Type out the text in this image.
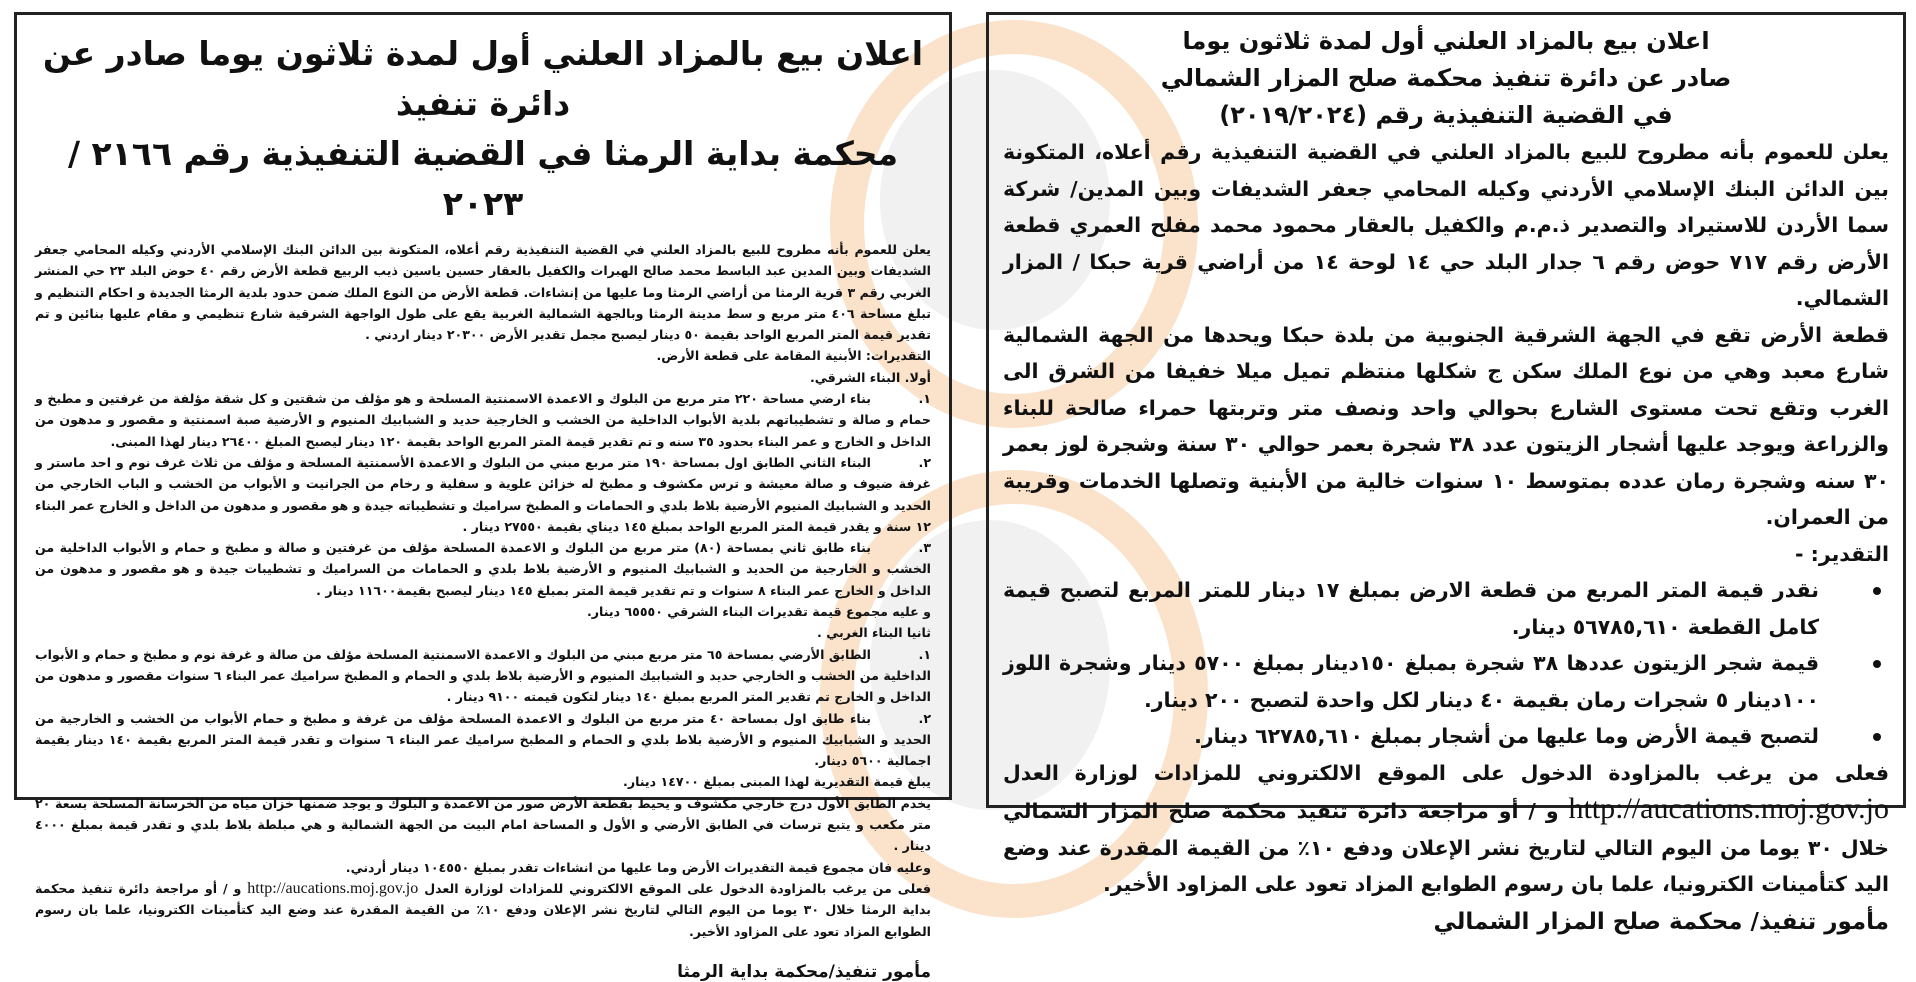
اعلان بيع بالمزاد العلني أول لمدة ثلاثون يوما صادر عن دائرة تنفيذ
محكمة بداية الرمثا في القضية التنفيذية رقم ٢١٦٦ / ٢٠٢٣

يعلن للعموم بأنه مطروح للبيع بالمزاد العلني في القضية التنفيذية رقم أعلاه، المتكونة بين الدائن البنك الإسلامي الأردني وكيله المحامي جعفر الشديفات وبين المدين عبد الباسط محمد صالح الهبرات والكفيل بالعقار حسين ياسين ذيب الربيع قطعة الأرض رقم ٤٠ حوض البلد ٢٣ حي المنشر الغربي رقم ٣ قرية الرمثا من أراضي الرمثا وما عليها من إنشاءات. قطعة الأرض من النوع الملك ضمن حدود بلدية الرمثا الجديدة و احكام التنظيم و تبلغ مساحة ٤٠٦ متر مربع و سط مدينة الرمثا وبالجهة الشمالية الغربية يقع على طول الواجهة الشرقية شارع تنظيمي و مقام عليها بنائين و تم تقدير قيمة المتر المربع الواحد بقيمة ٥٠ دينار ليصبح مجمل تقدير الأرض ٢٠٣٠٠ دينار اردني .

التقديرات: الأبنية المقامة على قطعة الأرض.

أولا. البناء الشرقي.

١.بناء ارضي مساحة ٢٢٠ متر مربع من البلوك و الاعمدة الاسمنتية المسلحة و هو مؤلف من شقتين و كل شقة مؤلفة من غرفتين و مطبخ و حمام و صالة و تشطيباتهم بلدية الأبواب الداخلية من الخشب و الخارجية حديد و الشبابيك المنيوم و الأرضية صبة اسمنتية و مقصور و مدهون من الداخل و الخارج و عمر البناء بحدود ٣٥ سنه و تم تقدير قيمة المتر المربع الواحد بقيمة ١٢٠ دينار ليصبح المبلغ ٢٦٤٠٠ دينار لهذا المبنى.

٢.البناء الثاني الطابق اول بمساحة ١٩٠ متر مربع مبني من البلوك و الاعمدة الأسمنتية المسلحة و مؤلف من ثلاث غرف نوم و احد ماستر و غرفة ضيوف و صالة معيشة و ترس مكشوف و مطبخ له خزائن علوية و سفلية و رخام من الجرانيت و الأبواب من الخشب و الباب الخارجي من الحديد و الشبابيك المنيوم الأرضية بلاط بلدي و الحمامات و المطبخ سراميك و تشطيباته جيدة و هو مقصور و مدهون من الداخل و الخارج عمر البناء ١٢ سنة و يقدر قيمة المتر المربع الواحد بمبلغ ١٤٥ ديناي بقيمة ٢٧٥٥٠ دينار .

٣.بناء طابق ثاني بمساحة (٨٠) متر مربع من البلوك و الاعمدة المسلحة مؤلف من غرفتين و صالة و مطبخ و حمام و الأبواب الداخلية من الخشب و الخارجية من الحديد و الشبابيك المنيوم و الأرضية بلاط بلدي و الحمامات من السراميك و تشطيبات جيدة و هو مقصور و مدهون من الداخل و الخارج عمر البناء ٨ سنوات و تم تقدير قيمة المتر بمبلغ ١٤٥ دينار ليصبح بقيمة١١٦٠٠ دينار .

و عليه مجموع قيمة تقديرات البناء الشرقي ٦٥٥٥٠ دينار.

ثانيا البناء الغربي .

١.الطابق الأرضي بمساحة ٦٥ متر مربع مبني من البلوك و الاعمدة الاسمنتية المسلحة مؤلف من صالة و غرفة نوم و مطبخ و حمام و الأبواب الداخلية من الخشب و الخارجي حديد و الشبابيك المنيوم و الأرضية بلاط بلدي و الحمام و المطبخ سراميك عمر البناء ٦ سنوات مقصور و مدهون من الداخل و الخارج تم تقدير المتر المربع بمبلغ ١٤٠ دينار لتكون قيمته ٩١٠٠ دينار .

٢.بناء طابق اول بمساحة ٤٠ متر مربع من البلوك و الاعمدة المسلحة مؤلف من غرفة و مطبخ و حمام الأبواب من الخشب و الخارجية من الحديد و الشبابيك المنيوم و الأرضية بلاط بلدي و الحمام و المطبخ سراميك عمر البناء ٦ سنوات و تقدر قيمة المتر المربع بقيمة ١٤٠ دينار بقيمة اجمالية ٥٦٠٠ دينار.

يبلغ قيمة التقديرية لهذا المبنى بمبلغ ١٤٧٠٠ دينار.

يخدم الطابق الأول درج خارجي مكشوف و يحيط بقطعة الأرض صور من الاعمدة و البلوك و يوجد ضمنها خزان مياه من الخرسانة المسلحة بسعة ٢٠ متر مكعب و يتبع ترسات في الطابق الأرضي و الأول و المساحة امام البيت من الجهة الشمالية و هي مبلطة بلاط بلدي و تقدر قيمة بمبلغ ٤٠٠٠ دينار .

وعليه فان مجموع قيمة التقديرات الأرض وما عليها من انشاءات تقدر بمبلغ ١٠٤٥٥٠ دينار أردني.

فعلى من يرغب بالمزاودة الدخول على الموقع الالكتروني للمزادات لوزارة العدل http://aucations.moj.gov.jo و / أو مراجعة دائرة تنفيذ محكمة بداية الرمثا خلال ٣٠ يوما من اليوم التالي لتاريخ نشر الإعلان ودفع ١٠٪ من القيمة المقدرة عند وضع اليد كتأمينات الكترونيا، علما بان رسوم الطوابع المزاد تعود على المزاود الأخير.

مأمور تنفيذ/محكمة بداية الرمثا
اعلان بيع بالمزاد العلني أول لمدة ثلاثون يوما
صادر عن دائرة تنفيذ محكمة صلح المزار الشمالي
في القضية التنفيذية رقم (٢٠١٩/٢٠٢٤)

يعلن للعموم بأنه مطروح للبيع بالمزاد العلني في القضية التنفيذية رقم أعلاه، المتكونة بين الدائن البنك الإسلامي الأردني وكيله المحامي جعفر الشديفات وبين المدين/ شركة سما الأردن للاستيراد والتصدير ذ.م.م والكفيل بالعقار محمود محمد مفلح العمري قطعة الأرض رقم ٧١٧ حوض رقم ٦ جدار البلد حي ١٤ لوحة ١٤ من أراضي قرية حبكا / المزار الشمالي.

قطعة الأرض تقع في الجهة الشرقية الجنوبية من بلدة حبكا ويحدها من الجهة الشمالية شارع معبد وهي من نوع الملك سكن ج شكلها منتظم تميل ميلا خفيفا من الشرق الى الغرب وتقع تحت مستوى الشارع بحوالي واحد ونصف متر وتربتها حمراء صالحة للبناء والزراعة ويوجد عليها أشجار الزيتون عدد ٣٨ شجرة بعمر حوالي ٣٠ سنة وشجرة لوز بعمر ٣٠ سنه وشجرة رمان عدده بمتوسط ١٠ سنوات خالية من الأبنية وتصلها الخدمات وقريبة من العمران.

التقدير: -

نقدر قيمة المتر المربع من قطعة الارض بمبلغ ١٧ دينار للمتر المربع لتصبح قيمة كامل القطعة ٥٦٧٨٥,٦١٠ دينار.

قيمة شجر الزيتون عددها ٣٨ شجرة بمبلغ ١٥٠دينار بمبلغ ٥٧٠٠ دينار وشجرة اللوز ١٠٠دينار ٥ شجرات رمان بقيمة ٤٠ دينار لكل واحدة لتصبح ٢٠٠ دينار.

لتصبح قيمة الأرض وما عليها من أشجار بمبلغ ٦٢٧٨٥,٦١٠ دينار.

فعلى من يرغب بالمزاودة الدخول على الموقع الالكتروني للمزادات لوزارة العدل http://aucations.moj.gov.jo و / أو مراجعة دائرة تنفيذ محكمة صلح المزار الشمالي خلال ٣٠ يوما من اليوم التالي لتاريخ نشر الإعلان ودفع ١٠٪ من القيمة المقدرة عند وضع اليد كتأمينات الكترونيا، علما بان رسوم الطوابع المزاد تعود على المزاود الأخير.

مأمور تنفيذ/ محكمة صلح المزار الشمالي
